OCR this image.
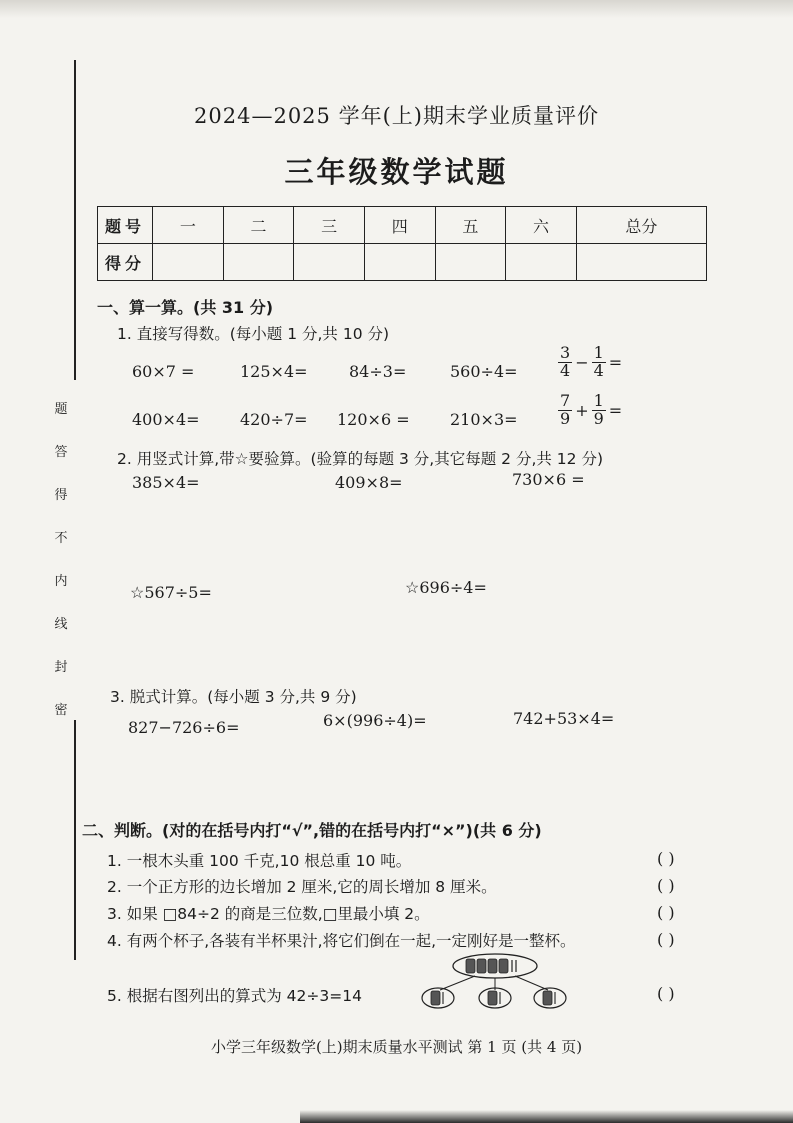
题
答
得
不
内
线
封
密
2024—2025 学年(上)期末学业质量评价
三年级数学试题
题号	一	二	三	四	五	六	总分
得分							
一、算一算。(共 31 分)
1. 直接写得数。(每小题 1 分,共 10 分)
60×7 =	125×4=	84÷3=	560÷4=	$\frac{3}{4} - \frac{1}{4}$ =
400×4=	420÷7= 120×6 =	210×3=	$\frac{7}{9} + \frac{1}{9}$ =
2. 用竖式计算,带☆要验算。(验算的每题 3 分,其它每题 2 分,共 12 分)
385×4=	409×8=	730×6 =
☆567÷5=	☆696÷4=
3. 脱式计算。(每小题 3 分,共 9 分)
827−726÷6=	6×(996÷4)=	742+53×4=
二、判断。(对的在括号内打“√”,错的在括号内打“×”)(共 6 分)
1. 一根木头重 100 千克,10 根总重 10 吨。	( )
2. 一个正方形的边长增加 2 厘米,它的周长增加 8 厘米。	( )
3. 如果 □84÷2 的商是三位数,□里最小填 2。	( )
4. 有两个杯子,各装有半杯果汁,将它们倒在一起,一定刚好是一整杯。	( )
5. 根据右图列出的算式为 42÷3=14	( )
小学三年级数学(上)期末质量水平测试 第 1 页 (共 4 页)
